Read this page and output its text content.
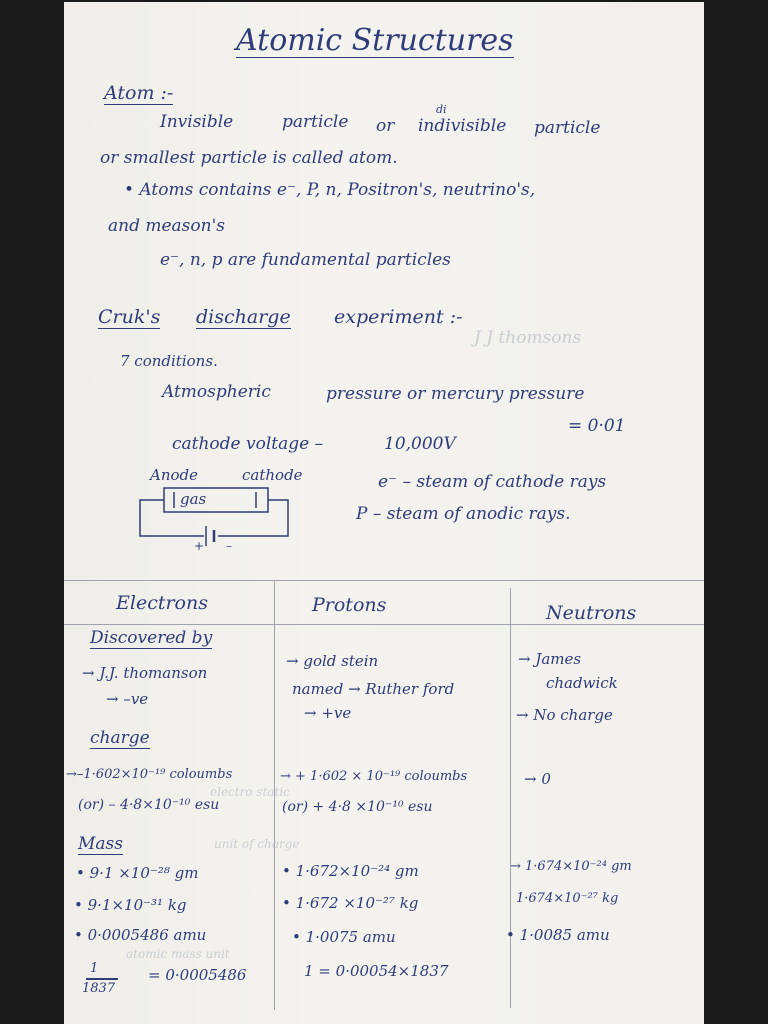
Atomic Structures
Atom :-
Invisible	particle or
di
indivisible particle
or smallest particle is called atom.
• Atoms contains e⁻, P, n, Positron's, neutrino's,
and meason's
e⁻, n, p are fundamental particles
Cruk's discharge experiment :-
J J thomsons
7 conditions.
Atmospheric	pressure or mercury pressure
= 0·01
cathode voltage –	10,000V
Anode	cathode
gas
+ –
e⁻ – steam of cathode rays
P – steam of anodic rays.
Electrons	Protons	Neutrons
Discovered by
→ J.J. thomanson
→ –ve
charge
→–1·602×10⁻¹⁹ coloumbs
electro static
(or) – 4·8×10⁻¹⁰ esu
Mass	unit of charge
• 9·1 ×10⁻²⁸ gm
• 9·1×10⁻³¹ kg
• 0·0005486 amu
atomic mass unit
1
1837
= 0·0005486
→ gold stein
named → Ruther ford
→ +ve
→ + 1·602 × 10⁻¹⁹ coloumbs
(or) + 4·8 ×10⁻¹⁰ esu
• 1·672×10⁻²⁴ gm
• 1·672 ×10⁻²⁷ kg
• 1·0075 amu
1 = 0·00054×1837
→ James
chadwick
→ No charge
→ 0
→ 1·674×10⁻²⁴ gm
1·674×10⁻²⁷ kg
• 1·0085 amu
